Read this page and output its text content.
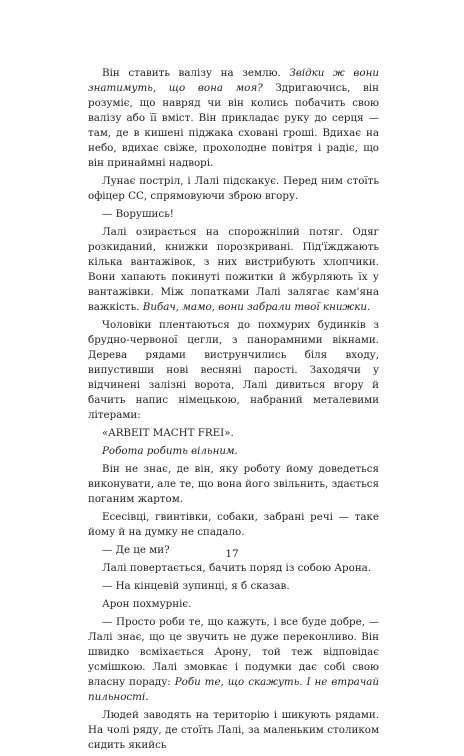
Він ставить валізу на землю. Звідки ж вони знатимуть, що вона моя? Здригаючись, він розуміє, що навряд чи він колись побачить свою валізу або її вміст. Він прикладає руку до серця — там, де в кишені піджака сховані гроші. Вдихає на небо, вдихає свіже, прохолодне повітря і радіє, що він принаймні надворі.

Лунає постріл, і Лалі підскакує. Перед ним стоїть офіцер СС, спрямовуючи зброю вгору.

— Ворушись!

Лалі озирається на спорожнілий потяг. Одяг розкиданий, книжки порозкривані. Під'їжджають кілька вантажівок, з них вистрибують хлопчики. Вони хапають покинуті пожитки й жбурляють їх у вантажівки. Між лопатками Лалі залягає кам'яна важкість. Вибач, мамо, вони забрали твої книжки.

Чоловіки плентаються до похмурих будинків з брудно-червоної цегли, з панорамними вікнами. Дерева рядами виструнчились біля входу, випустивши нові весняні паростi. Заходячи у відчинені залізні ворота, Лалі дивиться вгору й бачить напис німецькою, набраний металевими літерами:

«ARBEIT MACHT FREI».

Робота робить вільним.

Він не знає, де він, яку роботу йому доведеться виконувати, але те, що вона його звільнить, здається поганим жартом.

Есесівці, гвинтівки, собаки, забрані речі — таке йому й на думку не спадало.

— Де це ми?

Лалі повертається, бачить поряд із собою Арона.

— На кінцевій зупинці, я б сказав.

Арон похмурніє.

— Просто роби те, що кажуть, і все буде добре, — Лалі знає, що це звучить не дуже переконливо. Він швидко всміхається Арону, той теж відповідає усмішкою. Лалі змовкає і подумки дає собі свою власну пораду: Роби те, що скажуть. І не втрачай пильності.

Людей заводять на територію і шикують рядами. На чолі ряду, де стоїть Лалі, за маленьким столиком сидить якийсь

17
